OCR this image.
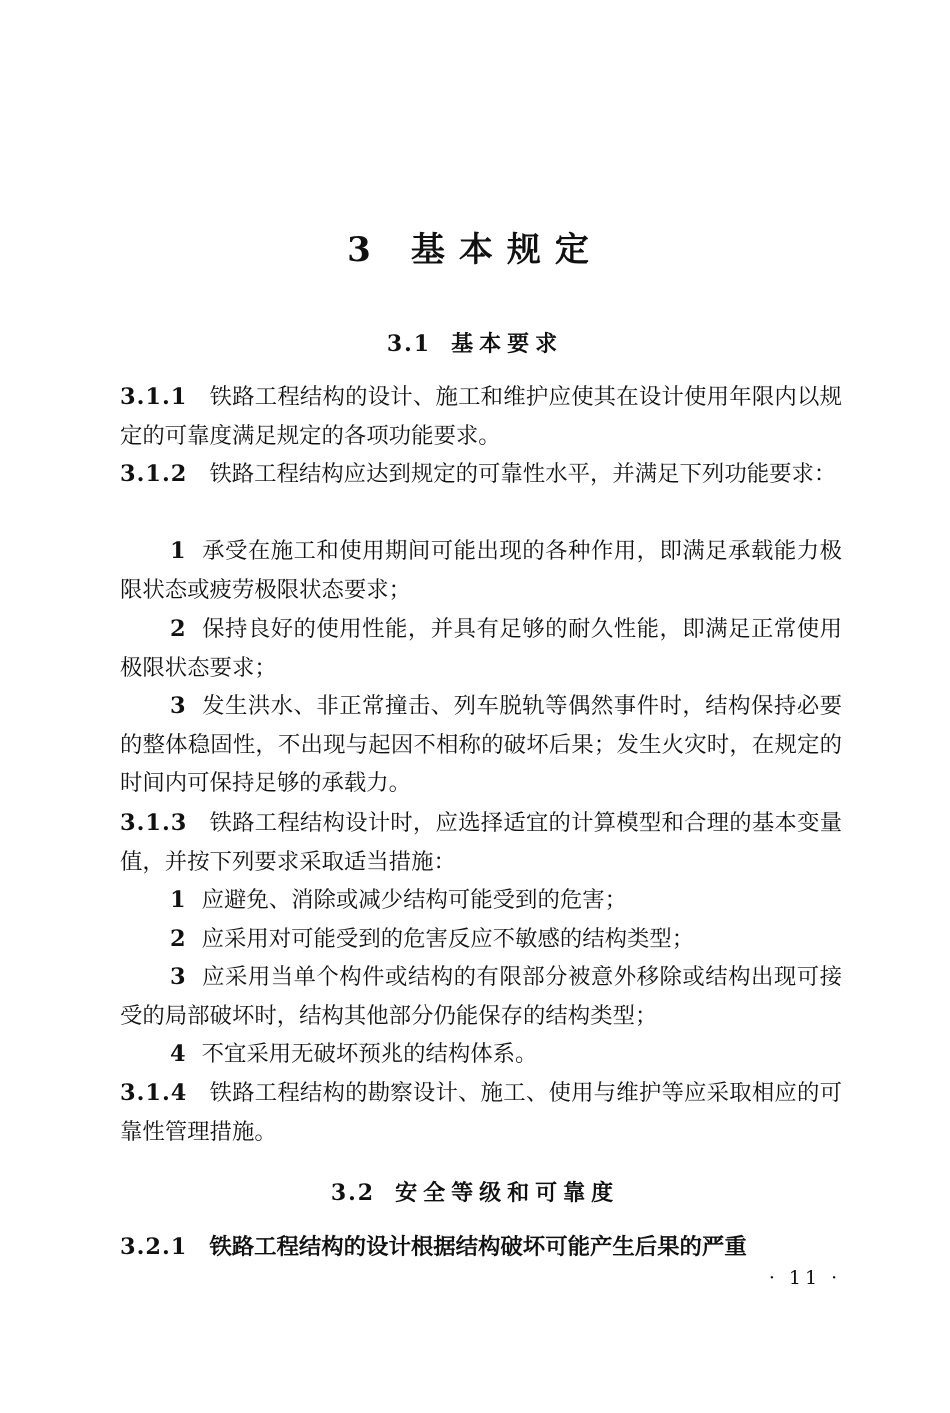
3 基本规定
3.1 基本要求
3.1.1 铁路工程结构的设计、施工和维护应使其在设计使用年限内以规定的可靠度满足规定的各项功能要求。
3.1.2 铁路工程结构应达到规定的可靠性水平，并满足下列功能要求：
1 承受在施工和使用期间可能出现的各种作用，即满足承载能力极限状态或疲劳极限状态要求；
2 保持良好的使用性能，并具有足够的耐久性能，即满足正常使用极限状态要求；
3 发生洪水、非正常撞击、列车脱轨等偶然事件时，结构保持必要的整体稳固性，不出现与起因不相称的破坏后果；发生火灾时，在规定的时间内可保持足够的承载力。
3.1.3 铁路工程结构设计时，应选择适宜的计算模型和合理的基本变量值，并按下列要求采取适当措施：
1 应避免、消除或减少结构可能受到的危害；
2 应采用对可能受到的危害反应不敏感的结构类型；
3 应采用当单个构件或结构的有限部分被意外移除或结构出现可接受的局部破坏时，结构其他部分仍能保存的结构类型；
4 不宜采用无破坏预兆的结构体系。
3.1.4 铁路工程结构的勘察设计、施工、使用与维护等应采取相应的可靠性管理措施。
3.2 安全等级和可靠度
3.2.1 铁路工程结构的设计根据结构破坏可能产生后果的严重
· 11 ·
